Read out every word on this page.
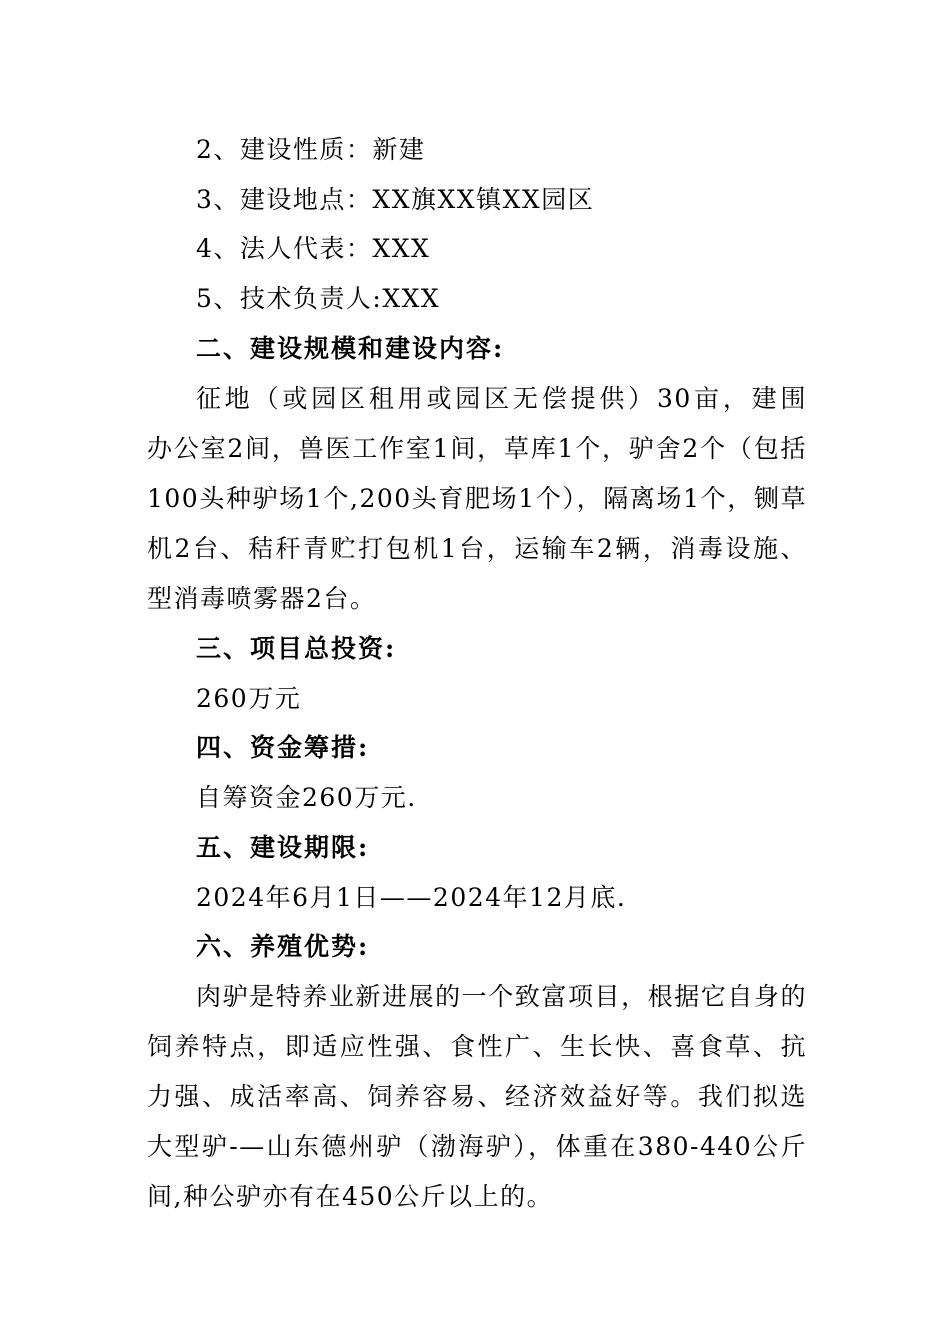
2、建设性质：新建
3、建设地点：XX旗XX镇XX园区
4、法人代表：XXX
5、技术负责人:XXX
二、建设规模和建设内容:
征地（或园区租用或园区无偿提供）30亩，建围
办公室2间，兽医工作室1间，草库1个，驴舍2个（包括
100头种驴场1个,200头育肥场1个），隔离场1个，铡草
机2台、秸秆青贮打包机1台，运输车2辆，消毒设施、
型消毒喷雾器2台。
三、项目总投资:
260万元
四、资金筹措:
自筹资金260万元.
五、建设期限:
2024年6月1日——2024年12月底.
六、养殖优势:
肉驴是特养业新进展的一个致富项目，根据它自身的
饲养特点，即适应性强、食性广、生长快、喜食草、抗
力强、成活率高、饲养容易、经济效益好等。我们拟选
大型驴-—山东德州驴（渤海驴），体重在380-440公斤
间,种公驴亦有在450公斤以上的。
